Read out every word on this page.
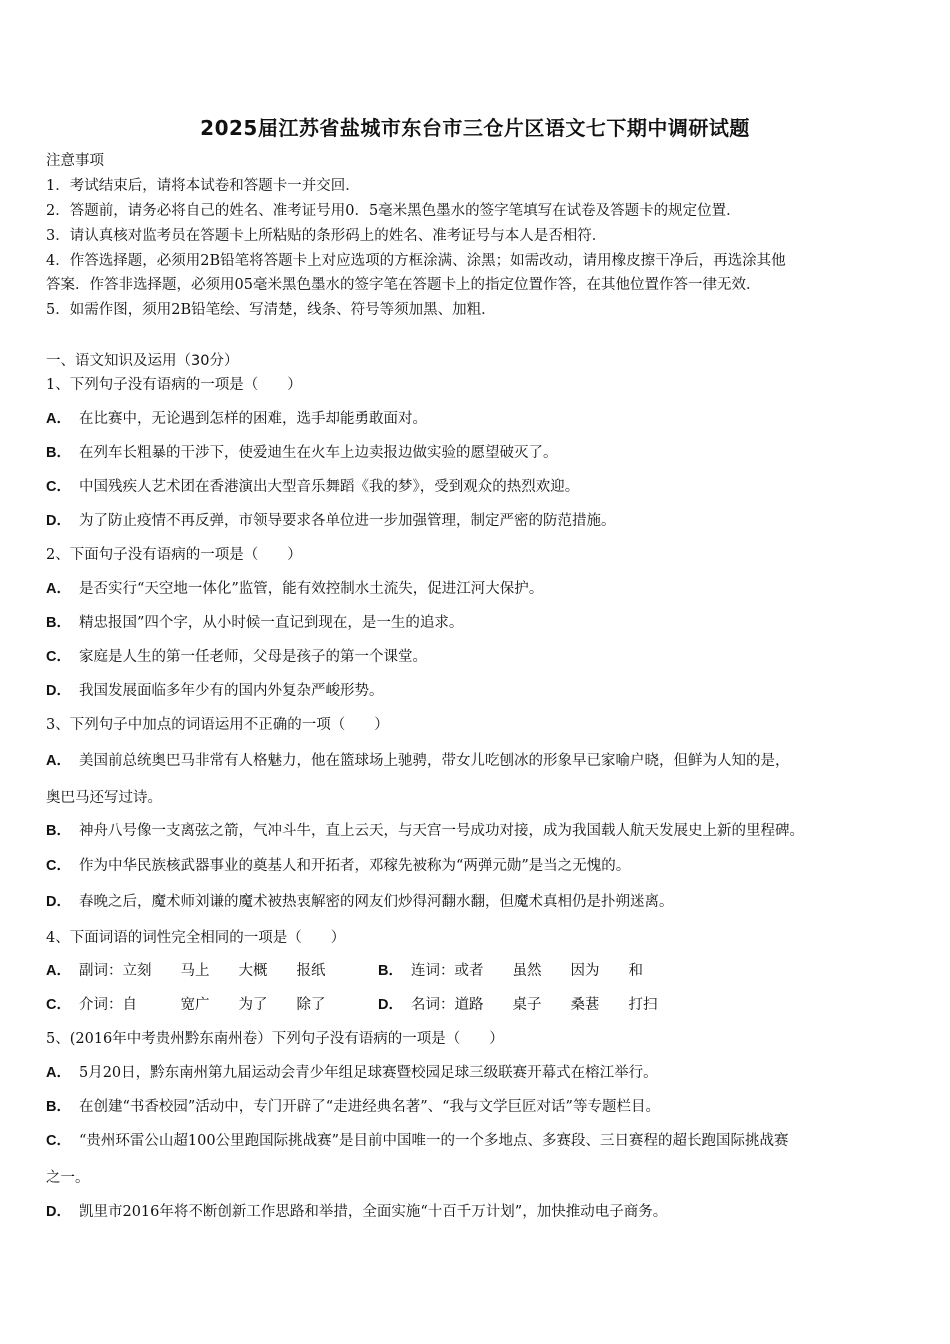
2025届江苏省盐城市东台市三仓片区语文七下期中调研试题
注意事项
1．考试结束后，请将本试卷和答题卡一并交回．
2．答题前，请务必将自己的姓名、准考证号用0．5毫米黑色墨水的签字笔填写在试卷及答题卡的规定位置．
3．请认真核对监考员在答题卡上所粘贴的条形码上的姓名、准考证号与本人是否相符．
4．作答选择题，必须用2B铅笔将答题卡上对应选项的方框涂满、涂黑；如需改动，请用橡皮擦干净后，再选涂其他
答案．作答非选择题，必须用05毫米黑色墨水的签字笔在答题卡上的指定位置作答，在其他位置作答一律无效．
5．如需作图，须用2B铅笔绘、写清楚，线条、符号等须加黑、加粗．
一、语文知识及运用（30分）
1、下列句子没有语病的一项是（　　）
A． 在比赛中，无论遇到怎样的困难，选手却能勇敢面对。
B． 在列车长粗暴的干涉下，使爱迪生在火车上边卖报边做实验的愿望破灭了。
C． 中国残疾人艺术团在香港演出大型音乐舞蹈《我的梦》，受到观众的热烈欢迎。
D． 为了防止疫情不再反弹，市领导要求各单位进一步加强管理，制定严密的防范措施。
2、下面句子没有语病的一项是（　　）
A． 是否实行“天空地一体化”监管，能有效控制水土流失，促进江河大保护。
B． 精忠报国”四个字，从小时候一直记到现在，是一生的追求。
C． 家庭是人生的第一任老师，父母是孩子的第一个课堂。
D． 我国发展面临多年少有的国内外复杂严峻形势。
3、下列句子中加点的词语运用不正确的一项（　　）
A． 美国前总统奥巴马非常有人格魅力，他在篮球场上驰骋，带女儿吃刨冰的形象早已家喻户晓，但鲜为人知的是，
奥巴马还写过诗。
B． 神舟八号像一支离弦之箭，气冲斗牛，直上云天，与天宫一号成功对接，成为我国载人航天发展史上新的里程碑。
C． 作为中华民族核武器事业的奠基人和开拓者，邓稼先被称为“两弹元勋”是当之无愧的。
D． 春晚之后，魔术师刘谦的魔术被热衷解密的网友们炒得河翻水翻，但魔术真相仍是扑朔迷离。
4、下面词语的词性完全相同的一项是（　　）
A． 副词：立刻　　马上　　大概　　报纸	B． 连词：或者　　虽然　　因为　　和
C． 介词：自　　　宽广　　为了　　除了	D． 名词：道路　　桌子　　桑葚　　打扫
5、(2016年中考贵州黔东南州卷）下列句子没有语病的一项是（　　）
A． 5月20日，黔东南州第九届运动会青少年组足球赛暨校园足球三级联赛开幕式在榕江举行。
B． 在创建“书香校园”活动中，专门开辟了“走进经典名著”、“我与文学巨匠对话”等专题栏目。
C． “贵州环雷公山超100公里跑国际挑战赛”是目前中国唯一的一个多地点、多赛段、三日赛程的超长跑国际挑战赛
之一。
D． 凯里市2016年将不断创新工作思路和举措，全面实施“十百千万计划”，加快推动电子商务。
